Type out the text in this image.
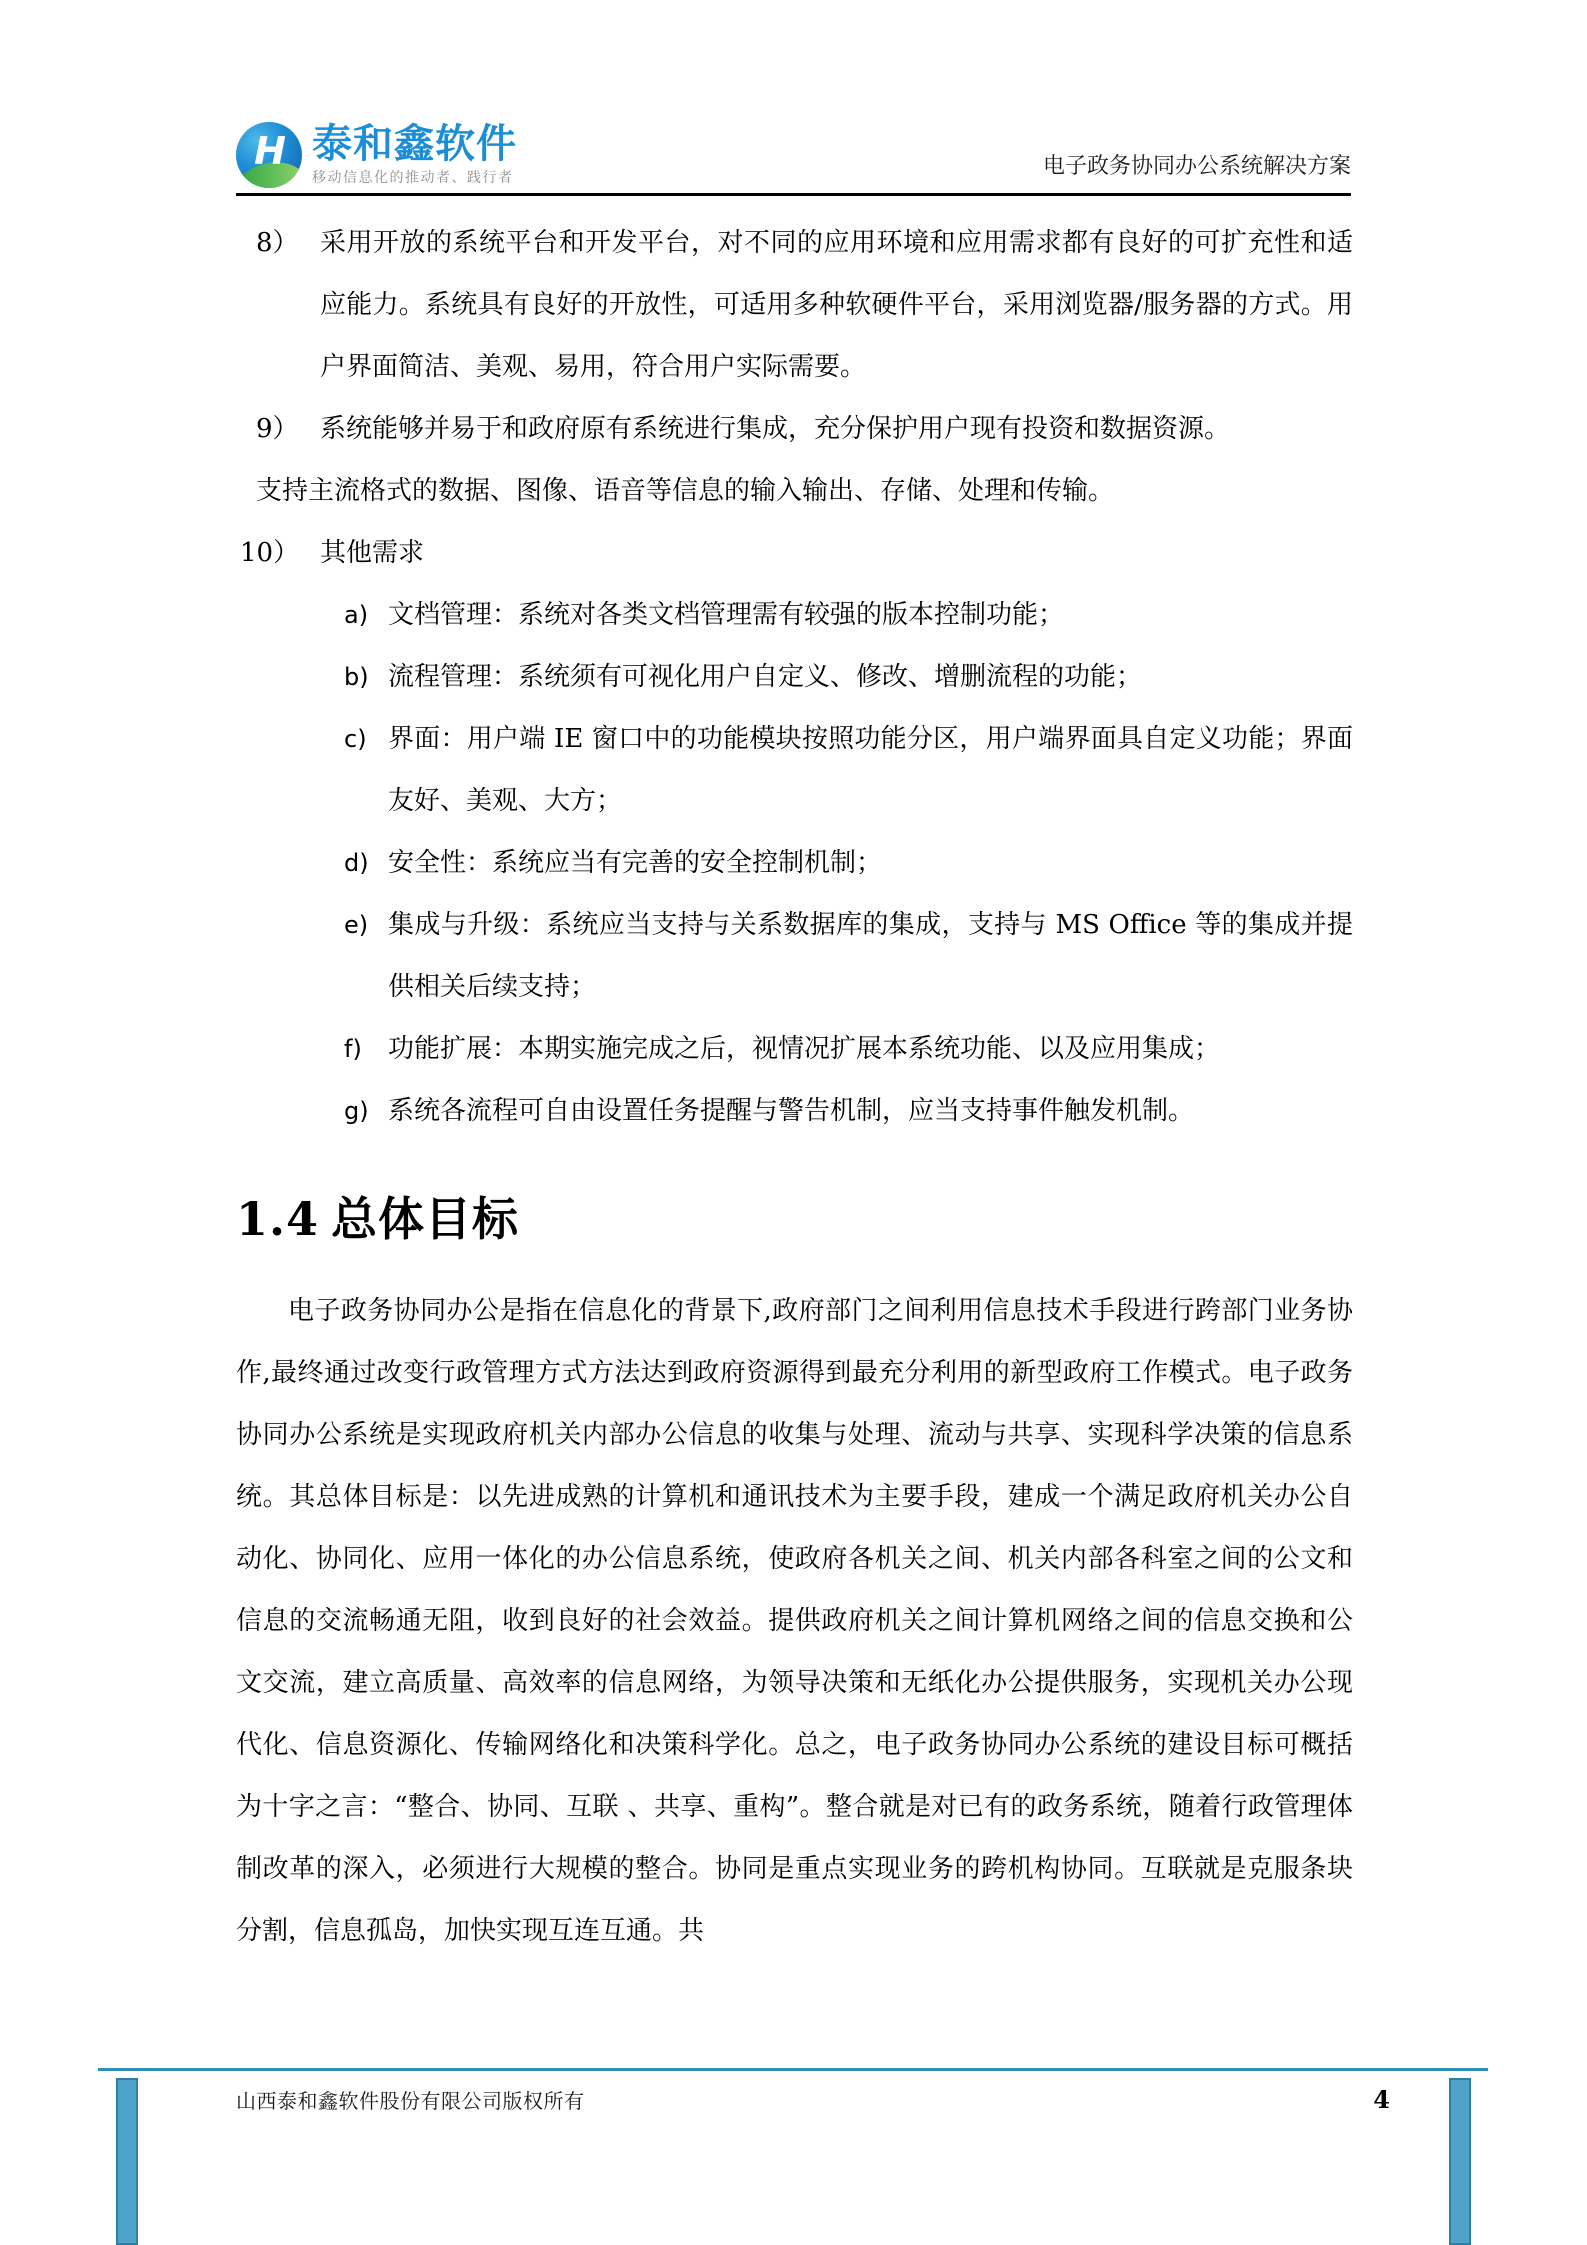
H 泰和鑫软件
移动信息化的推动者、践行者	电子政务协同办公系统解决方案

8） 采用开放的系统平台和开发平台，对不同的应用环境和应用需求都有良好的可扩充性和适应能力。系统具有良好的开放性，可适用多种软硬件平台，采用浏览器/服务器的方式。用户界面简洁、美观、易用，符合用户实际需要。

9） 系统能够并易于和政府原有系统进行集成，充分保护用户现有投资和数据资源。

支持主流格式的数据、图像、语音等信息的输入输出、存储、处理和传输。

10） 其他需求

a) 文档管理：系统对各类文档管理需有较强的版本控制功能；
b) 流程管理：系统须有可视化用户自定义、修改、增删流程的功能；
c) 界面：用户端 IE 窗口中的功能模块按照功能分区，用户端界面具自定义功能；界面友好、美观、大方；
d) 安全性：系统应当有完善的安全控制机制；
e) 集成与升级：系统应当支持与关系数据库的集成，支持与 MS Office 等的集成并提供相关后续支持；
f) 功能扩展：本期实施完成之后，视情况扩展本系统功能、以及应用集成；
g) 系统各流程可自由设置任务提醒与警告机制，应当支持事件触发机制。
1.4 总体目标

电子政务协同办公是指在信息化的背景下,政府部门之间利用信息技术手段进行跨部门业务协作,最终通过改变行政管理方式方法达到政府资源得到最充分利用的新型政府工作模式。电子政务协同办公系统是实现政府机关内部办公信息的收集与处理、流动与共享、实现科学决策的信息系统。其总体目标是：以先进成熟的计算机和通讯技术为主要手段，建成一个满足政府机关办公自动化、协同化、应用一体化的办公信息系统，使政府各机关之间、机关内部各科室之间的公文和信息的交流畅通无阻，收到良好的社会效益。提供政府机关之间计算机网络之间的信息交换和公文交流，建立高质量、高效率的信息网络，为领导决策和无纸化办公提供服务，实现机关办公现代化、信息资源化、传输网络化和决策科学化。总之，电子政务协同办公系统的建设目标可概括为十字之言：“整合、协同、互联 、共享、重构”。整合就是对已有的政务系统，随着行政管理体制改革的深入，必须进行大规模的整合。协同是重点实现业务的跨机构协同。互联就是克服条块分割，信息孤岛，加快实现互连互通。共

山西泰和鑫软件股份有限公司版权所有	4
